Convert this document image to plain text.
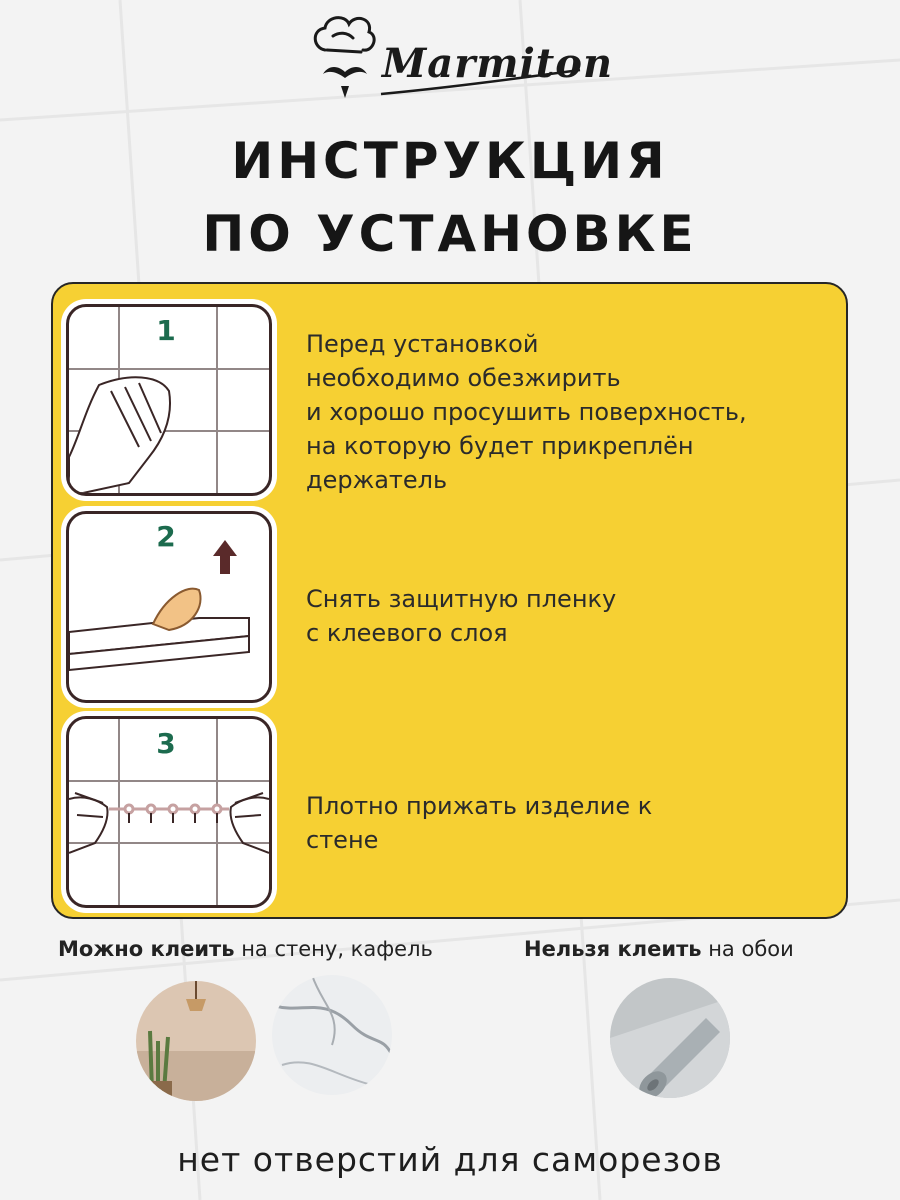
Marmiton
ИНСТРУКЦИЯ
ПО УСТАНОВКЕ
1	Перед установкой
необходимо обезжирить
и хорошо просушить поверхность,
на которую будет прикреплён
держатель
2
Снять защитную пленку
с клеевого слоя
3
Плотно прижать изделие к
стене
Можно клеить на стену, кафель	Нельзя клеить на обои
нет отверстий для саморезов
